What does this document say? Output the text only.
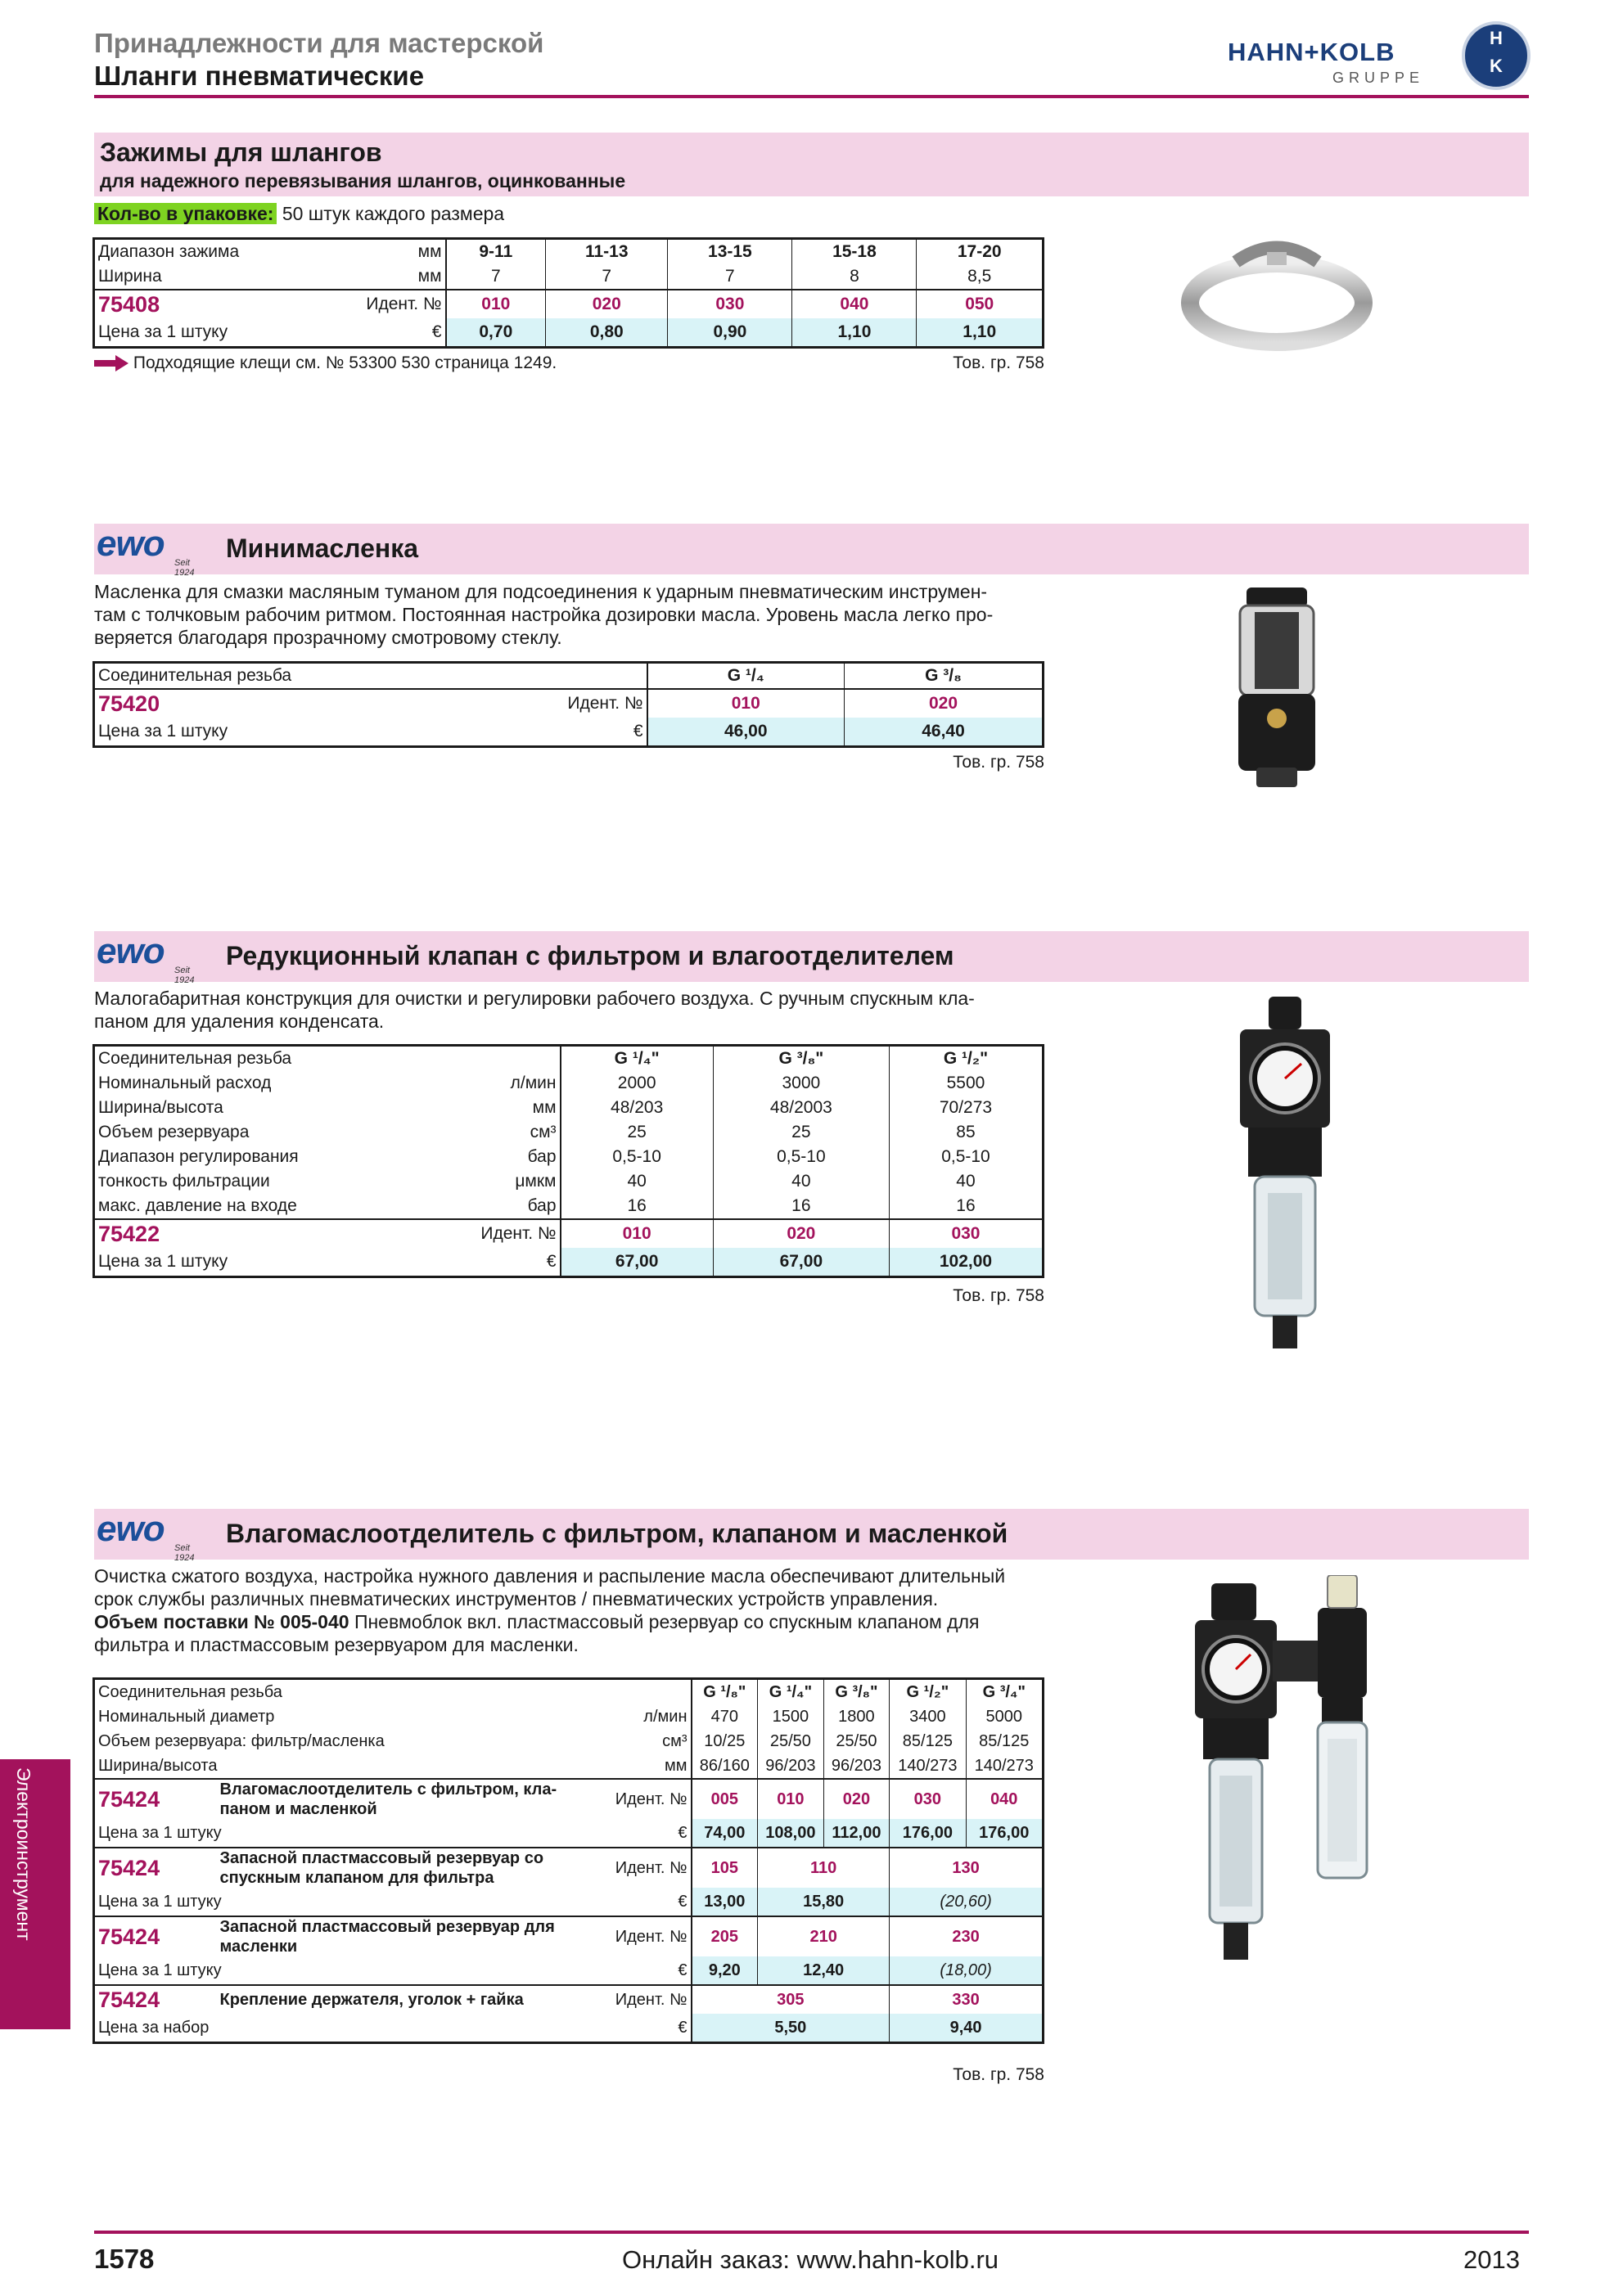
Принадлежности для мастерской
Шланги пневматические
HAHN+KOLB
GRUPPE
H
K
Зажимы для шлангов
для надежного перевязывания шлангов, оцинкованные
Кол-во в упаковке: 50 штук каждого размера
Диапазон зажима	мм	9-11	11-13	13-15	15-18	17-20
Ширина	мм	7	7	7	8	8,5
75408	Идент. №	010	020	030	040	050
Цена за 1 штуку	€	0,70	0,80	0,90	1,10	1,10
Подходящие клещи см. № 53300 530 страница 1249.	Тов. гр. 758
ewo Seit 1924
Минимасленка
Масленка для смазки масляным туманом для подсоединения к ударным пневматическим инструмен-
там с толчковым рабочим ритмом. Постоянная настройка дозировки масла. Уровень масла легко про-
веряется благодаря прозрачному смотровому стеклу.
Соединительная резьба		G ¹/₄	G ³/₈
75420	Идент. №	010	020
Цена за 1 штуку	€	46,00	46,40
Тов. гр. 758
ewo Seit 1924
Редукционный клапан с фильтром и влагоотделителем
Малогабаритная конструкция для очистки и регулировки рабочего воздуха. С ручным спускным кла-
паном для удаления конденсата.
Соединительная резьба		G ¹/₄"	G ³/₈"	G ¹/₂"
Номинальный расход	л/мин	2000	3000	5500
Ширина/высота	мм	48/203	48/2003	70/273
Объем резервуара	см³	25	25	85
Диапазон регулирования	бар	0,5-10	0,5-10	0,5-10
тонкость фильтрации	μмкм	40	40	40
макс. давление на входе	бар	16	16	16
75422	Идент. №	010	020	030
Цена за 1 штуку	€	67,00	67,00	102,00
Тов. гр. 758
ewo Seit 1924
Влагомаслоотделитель с фильтром, клапаном и масленкой
Очистка сжатого воздуха, настройка нужного давления и распыление масла обеспечивают длительный
срок службы различных пневматических инструментов / пневматических устройств управления.
Объем поставки № 005-040 Пневмоблок вкл. пластмассовый резервуар со спускным клапаном для
фильтра и пластмассовым резервуаром для масленки.
Соединительная резьба			G ¹/₈"	G ¹/₄"	G ³/₈"	G ¹/₂"	G ³/₄"
Номинальный диаметр		л/мин	470	1500	1800	3400	5000
Объем резервуара: фильтр/масленка		см³	10/25	25/50	25/50	85/125	85/125
Ширина/высота		мм	86/160	96/203	96/203	140/273	140/273
75424	Влагомаслоотделитель с фильтром, кла-паном и масленкой	Идент. №	005	010	020	030	040
Цена за 1 штуку		€	74,00	108,00	112,00	176,00	176,00
75424	Запасной пластмассовый резервуар со спускным клапаном для фильтра	Идент. №	105	110		130	
Цена за 1 штуку		€	13,00	15,80		(20,60)	
75424	Запасной пластмассовый резервуар для масленки	Идент. №	205	210		230	
Цена за 1 штуку		€	9,20	12,40		(18,00)	
75424	Крепление держателя, уголок + гайка	Идент. №	305			330	
Цена за набор		€	5,50			9,40	
Тов. гр. 758
Электроинструмент
1578	Онлайн заказ: www.hahn-kolb.ru	2013
